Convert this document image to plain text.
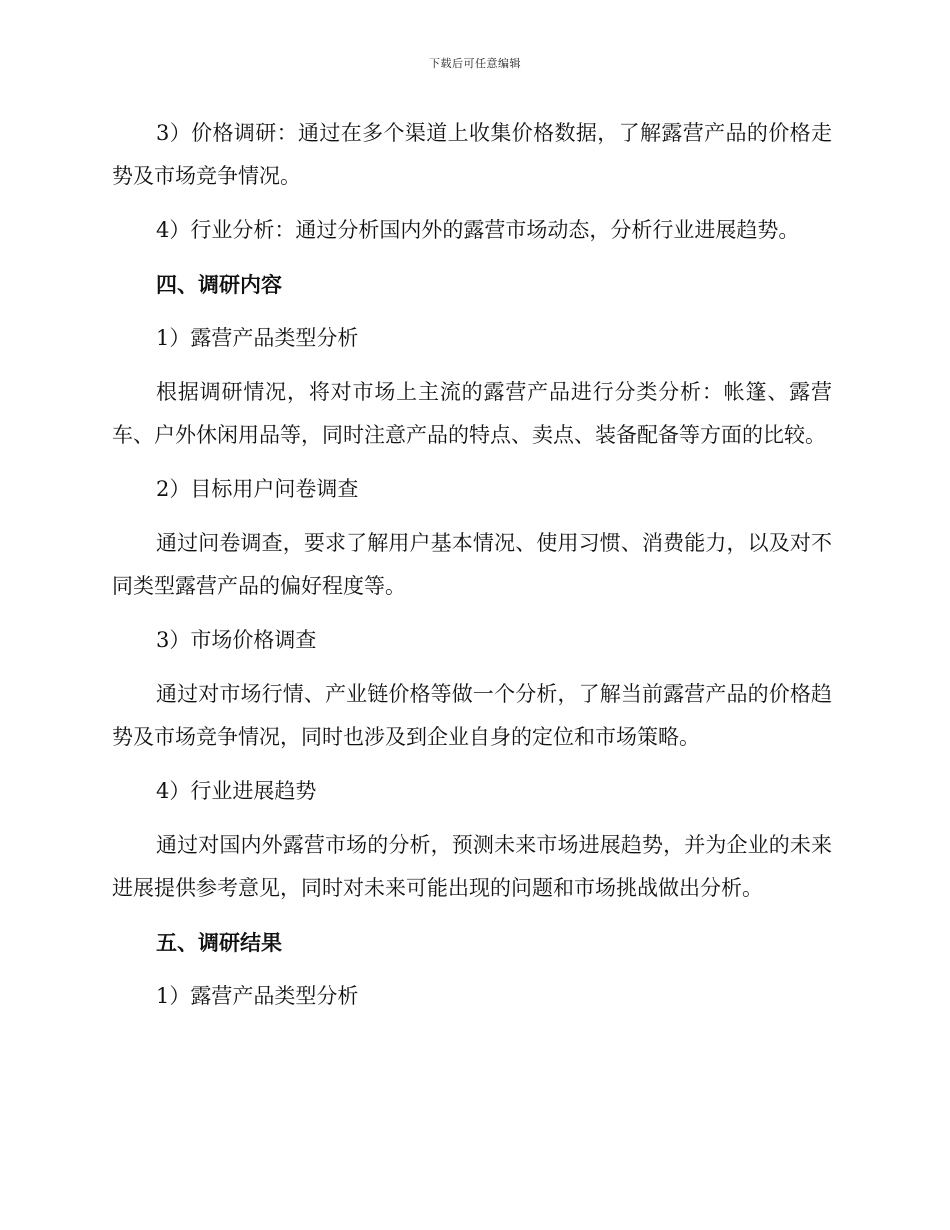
下载后可任意编辑

3）价格调研：通过在多个渠道上收集价格数据，了解露营产品的价格走势及市场竞争情况。

4）行业分析：通过分析国内外的露营市场动态，分析行业进展趋势。

四、调研内容

1）露营产品类型分析

根据调研情况，将对市场上主流的露营产品进行分类分析：帐篷、露营车、户外休闲用品等，同时注意产品的特点、卖点、装备配备等方面的比较。

2）目标用户问卷调查

通过问卷调查，要求了解用户基本情况、使用习惯、消费能力，以及对不同类型露营产品的偏好程度等。

3）市场价格调查

通过对市场行情、产业链价格等做一个分析，了解当前露营产品的价格趋势及市场竞争情况，同时也涉及到企业自身的定位和市场策略。

4）行业进展趋势

通过对国内外露营市场的分析，预测未来市场进展趋势，并为企业的未来进展提供参考意见，同时对未来可能出现的问题和市场挑战做出分析。

五、调研结果

1）露营产品类型分析
